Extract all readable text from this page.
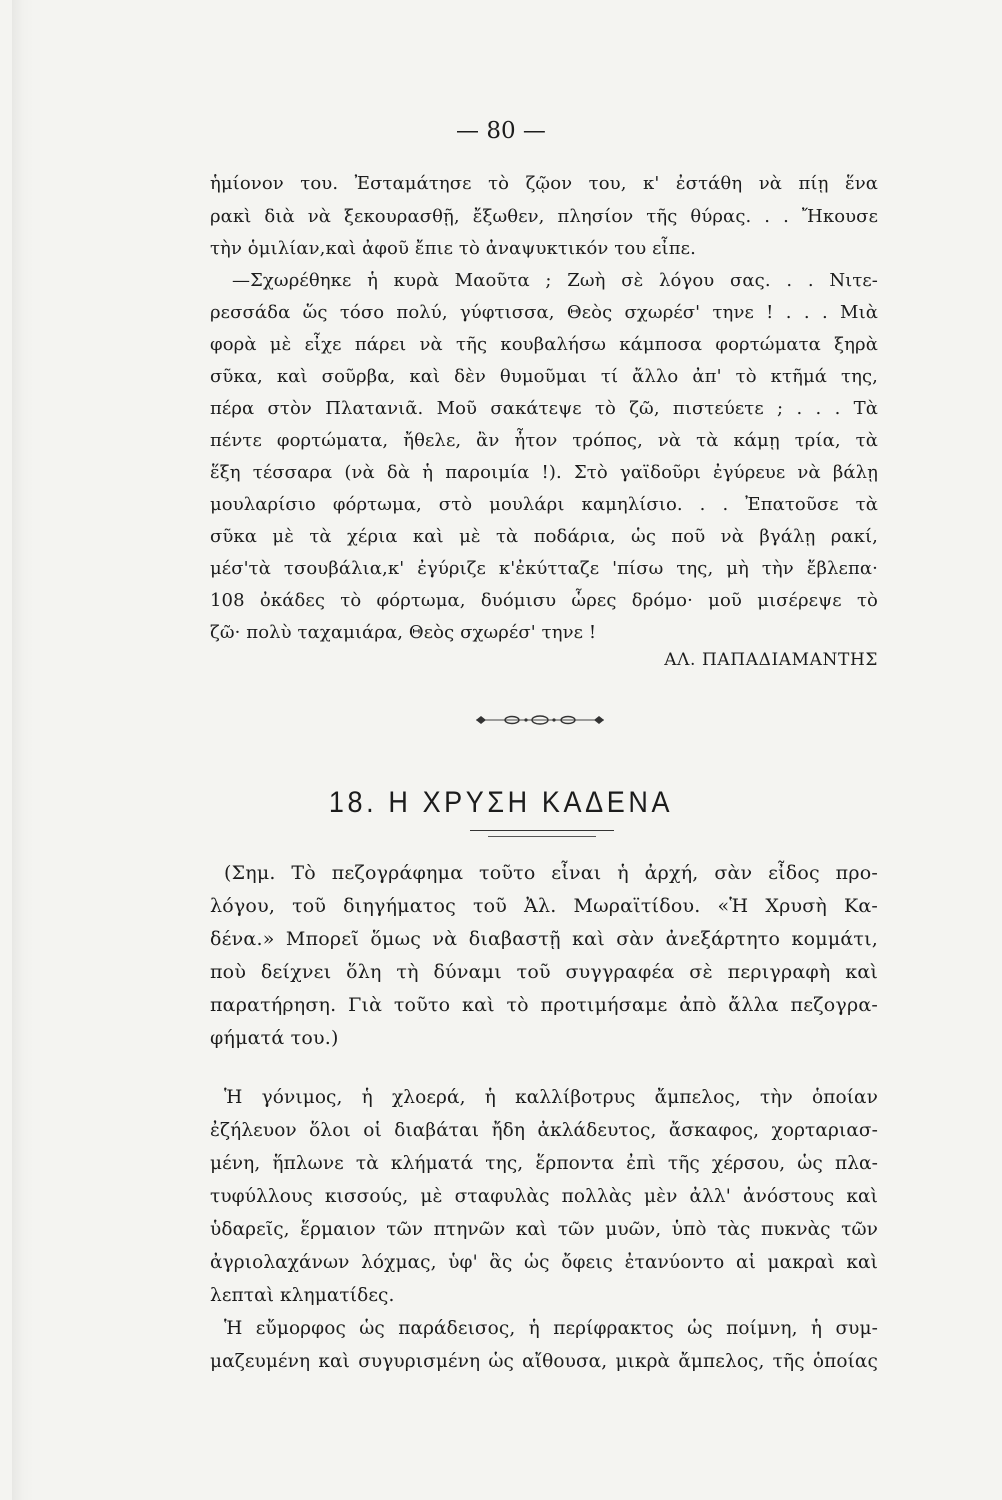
— 80 —
ἡμίονον του. Ἐσταμάτησε τὸ ζῷον του, κ' ἐστάθη νὰ πίῃ ἕνα
ρακὶ διὰ νὰ ξεκουρασθῇ, ἔξωθεν, πλησίον τῆς θύρας. . . Ἤκουσε
τὴν ὁμιλίαν,καὶ ἀφοῦ ἔπιε τὸ ἀναψυκτικόν του εἶπε.
—Σχωρέθηκε ἡ κυρὰ Μαοῦτα ; Ζωὴ σὲ λόγου σας. . . Νιτε-
ρεσσάδα ὥς τόσο πολύ, γύφτισσα, Θεὸς σχωρέσ' τηνε ! . . . Μιὰ
φορὰ μὲ εἶχε πάρει νὰ τῆς κουβαλήσω κάμποσα φορτώματα ξηρὰ
σῦκα, καὶ σοῦρβα, καὶ δὲν θυμοῦμαι τί ἄλλο ἀπ' τὸ κτῆμά της,
πέρα στὸν Πλατανιᾶ. Μοῦ σακάτεψε τὸ ζῶ, πιστεύετε ; . . . Τὰ
πέντε φορτώματα, ἤθελε, ἂν ἦτον τρόπος, νὰ τὰ κάμῃ τρία, τὰ
ἕξη τέσσαρα (νὰ δὰ ἡ παροιμία !). Στὸ γαϊδοῦρι ἐγύρευε νὰ βάλῃ
μουλαρίσιο φόρτωμα, στὸ μουλάρι καμηλίσιο. . . Ἐπατοῦσε τὰ
σῦκα μὲ τὰ χέρια καὶ μὲ τὰ ποδάρια, ὡς ποῦ νὰ βγάλῃ ρακί,
μέσ'τὰ τσουβάλια,κ' ἐγύριζε κ'ἐκύτταζε 'πίσω της, μὴ τὴν ἔβλεπα·
108 ὀκάδες τὸ φόρτωμα, δυόμισυ ὧρες δρόμο· μοῦ μισέρεψε τὸ
ζῶ· πολὺ ταχαμιάρα, Θεὸς σχωρέσ' τηνε !
ΑΛ. ΠΑΠΑΔΙΑΜΑΝΤΗΣ
18. Η ΧΡΥΣΗ ΚΑΔΕΝΑ
(Σημ. Τὸ πεζογράφημα τοῦτο εἶναι ἡ ἀρχή, σὰν εἶδος προ-
λόγου, τοῦ διηγήματος τοῦ Ἀλ. Μωραϊτίδου. «Ἡ Χρυσὴ Κα-
δένα.» Μπορεῖ ὅμως νὰ διαβαστῇ καὶ σὰν ἀνεξάρτητο κομμάτι,
ποὺ δείχνει ὅλη τὴ δύναμι τοῦ συγγραφέα σὲ περιγραφὴ καὶ
παρατήρηση. Γιὰ τοῦτο καὶ τὸ προτιμήσαμε ἀπὸ ἄλλα πεζογρα-
φήματά του.)
Ἡ γόνιμος, ἡ χλοερά, ἡ καλλίβοτρυς ἄμπελος, τὴν ὁποίαν
ἐζήλευον ὅλοι οἱ διαβάται ἤδη ἀκλάδευτος, ἄσκαφος, χορταριασ-
μένη, ἥπλωνε τὰ κλήματά της, ἕρποντα ἐπὶ τῆς χέρσου, ὡς πλα-
τυφύλλους κισσούς, μὲ σταφυλὰς πολλὰς μὲν ἀλλ' ἀνόστους καὶ
ὑδαρεῖς, ἕρμαιον τῶν πτηνῶν καὶ τῶν μυῶν, ὑπὸ τὰς πυκνὰς τῶν
ἀγριολαχάνων λόχμας, ὑφ' ἃς ὡς ὄφεις ἐτανύοντο αἱ μακραὶ καὶ
λεπταὶ κληματίδες.
Ἡ εὔμορφος ὡς παράδεισος, ἡ περίφρακτος ὡς ποίμνη, ἡ συμ-
μαζευμένη καὶ συγυρισμένη ὡς αἴθουσα, μικρὰ ἄμπελος, τῆς ὁποίας
